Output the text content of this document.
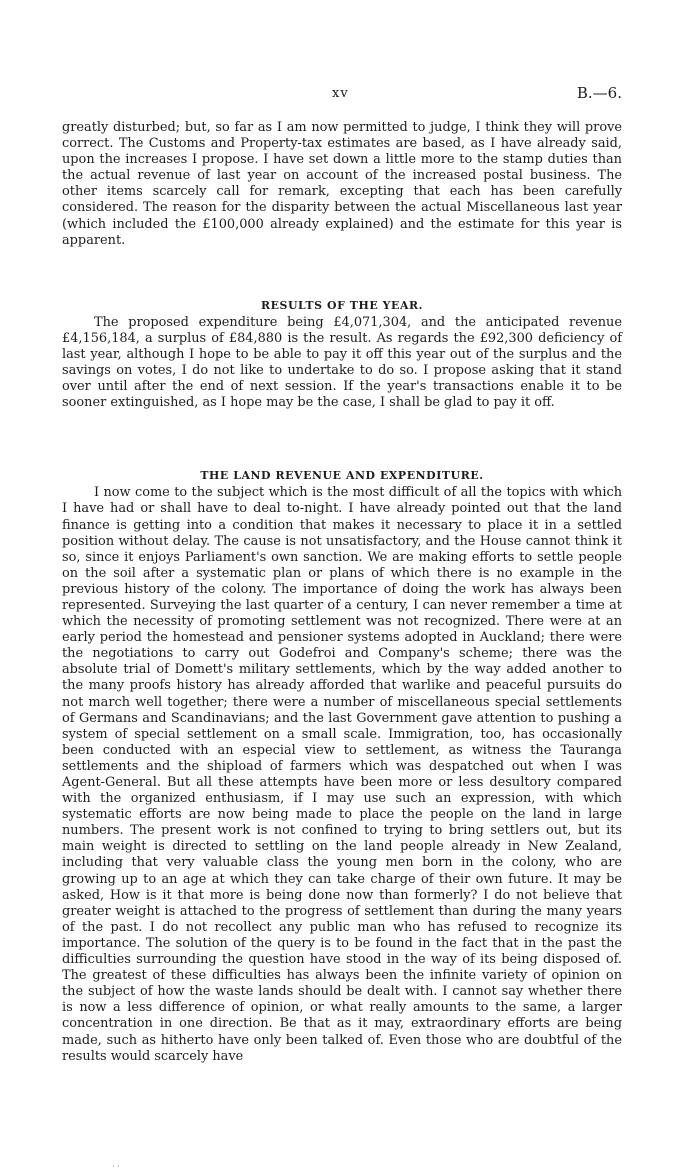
xv	B.—6.

greatly disturbed; but, so far as I am now permitted to judge, I think they will prove correct. The Customs and Property-tax estimates are based, as I have already said, upon the increases I propose. I have set down a little more to the stamp duties than the actual revenue of last year on account of the increased postal business. The other items scarcely call for remark, excepting that each has been carefully considered. The reason for the disparity between the actual Miscellaneous last year (which included the £100,000 already explained) and the estimate for this year is apparent.

RESULTS OF THE YEAR.

The proposed expenditure being £4,071,304, and the anticipated revenue £4,156,184, a surplus of £84,880 is the result. As regards the £92,300 deficiency of last year, although I hope to be able to pay it off this year out of the surplus and the savings on votes, I do not like to undertake to do so. I propose asking that it stand over until after the end of next session. If the year's transactions enable it to be sooner extinguished, as I hope may be the case, I shall be glad to pay it off.

THE LAND REVENUE AND EXPENDITURE.

I now come to the subject which is the most difficult of all the topics with which I have had or shall have to deal to-night. I have already pointed out that the land finance is getting into a condition that makes it necessary to place it in a settled position without delay. The cause is not unsatisfactory, and the House cannot think it so, since it enjoys Parliament's own sanction. We are making efforts to settle people on the soil after a systematic plan or plans of which there is no example in the previous history of the colony. The importance of doing the work has always been represented. Surveying the last quarter of a century, I can never remember a time at which the necessity of promoting settlement was not recognized. There were at an early period the homestead and pensioner systems adopted in Auckland; there were the negotiations to carry out Godefroi and Company's scheme; there was the absolute trial of Domett's military settlements, which by the way added another to the many proofs history has already afforded that warlike and peaceful pursuits do not march well together; there were a number of miscellaneous special settlements of Germans and Scandinavians; and the last Government gave attention to pushing a system of special settlement on a small scale. Immigration, too, has occasionally been conducted with an especial view to settlement, as witness the Tauranga settlements and the shipload of farmers which was despatched out when I was Agent-General. But all these attempts have been more or less desultory compared with the organized enthusiasm, if I may use such an expression, with which systematic efforts are now being made to place the people on the land in large numbers. The present work is not confined to trying to bring settlers out, but its main weight is directed to settling on the land people already in New Zealand, including that very valuable class the young men born in the colony, who are growing up to an age at which they can take charge of their own future. It may be asked, How is it that more is being done now than formerly? I do not believe that greater weight is attached to the progress of settlement than during the many years of the past. I do not recollect any public man who has refused to recognize its importance. The solution of the query is to be found in the fact that in the past the difficulties surrounding the question have stood in the way of its being disposed of. The greatest of these difficulties has always been the infinite variety of opinion on the subject of how the waste lands should be dealt with. I cannot say whether there is now a less difference of opinion, or what really amounts to the same, a larger concentration in one direction. Be that as it may, extraordinary efforts are being made, such as hitherto have only been talked of. Even those who are doubtful of the results would scarcely have

· ·
